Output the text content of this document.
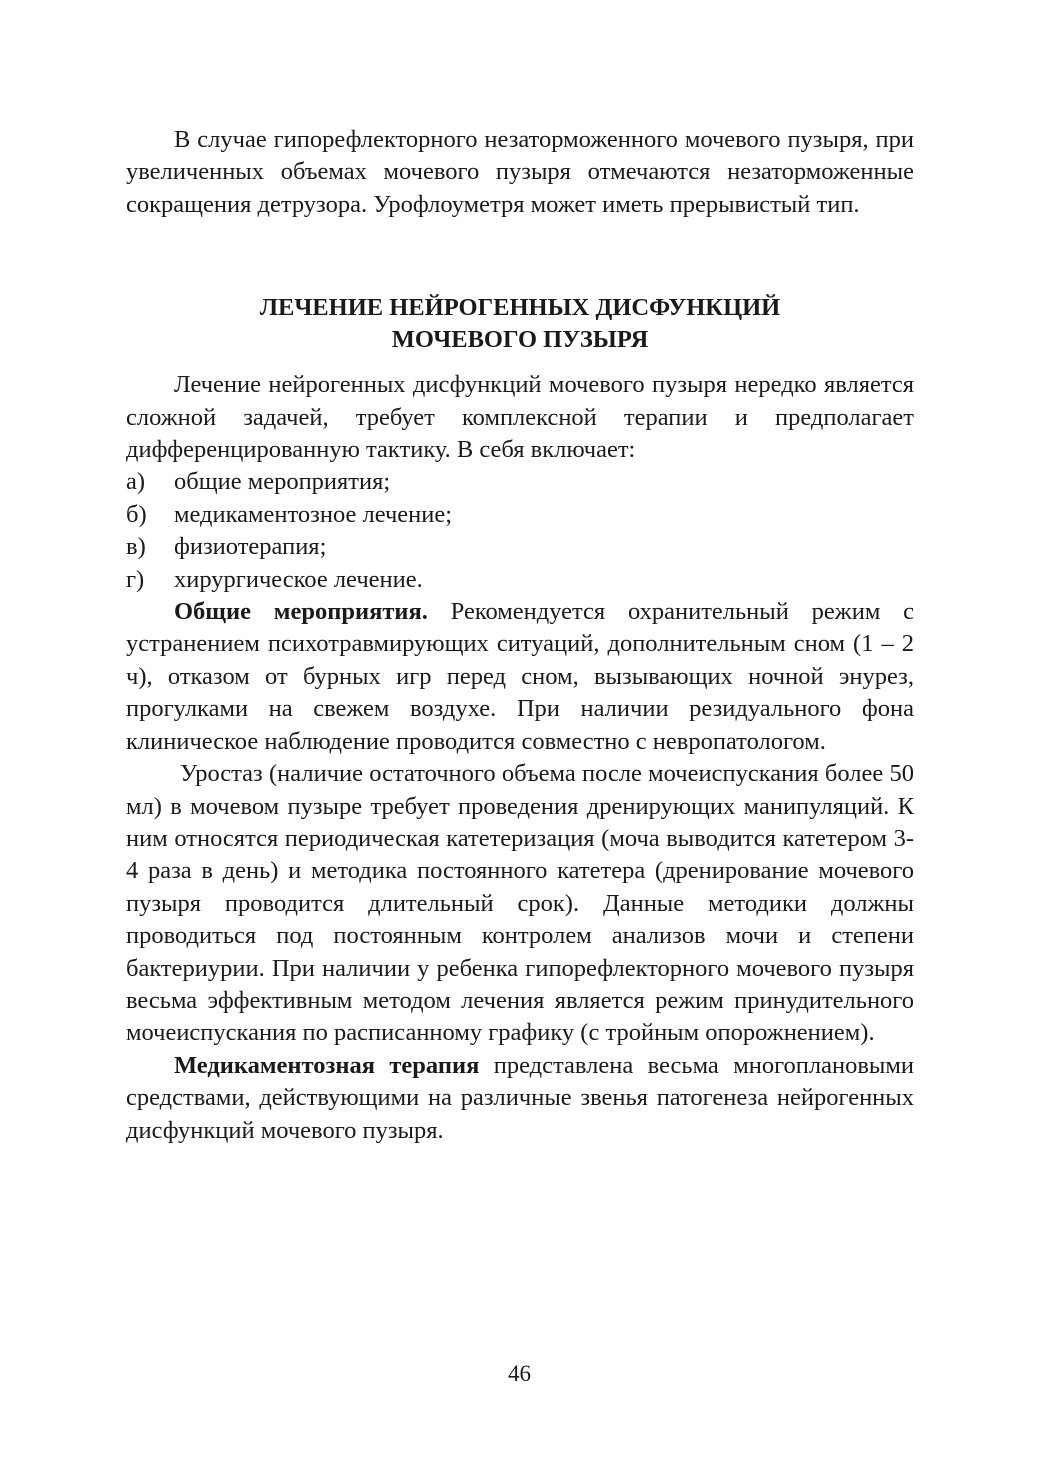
В случае гипорефлекторного незаторможенного мочевого пузыря, при увеличенных объемах мочевого пузыря отмечаются незаторможенные сокращения детрузора. Урофлоуметря может иметь прерывистый тип.

ЛЕЧЕНИЕ НЕЙРОГЕННЫХ ДИСФУНКЦИЙ
МОЧЕВОГО ПУЗЫРЯ

Лечение нейрогенных дисфункций мочевого пузыря нередко является сложной задачей, требует комплексной терапии и предполагает дифференцированную тактику. В себя включает:

а) общие мероприятия;
б) медикаментозное лечение;
в) физиотерапия;
г) хирургическое лечение.

Общие мероприятия. Рекомендуется охранительный режим с устранением психотравмирующих ситуаций, дополнительным сном (1 – 2 ч), отказом от бурных игр перед сном, вызывающих ночной энурез, прогулками на свежем воздухе. При наличии резидуального фона клиническое наблюдение проводится совместно с невропатологом.

Уростаз (наличие остаточного объема после мочеиспускания более 50 мл) в мочевом пузыре требует проведения дренирующих манипуляций. К ним относятся периодическая катетеризация (моча выводится катетером 3-4 раза в день) и методика постоянного катетера (дренирование мочевого пузыря проводится длительный срок). Данные методики должны проводиться под постоянным контролем анализов мочи и степени бактериурии. При наличии у ребенка гипорефлекторного мочевого пузыря весьма эффективным методом лечения является режим принудительного мочеиспускания по расписанному графику (с тройным опорожнением).

Медикаментозная терапия представлена весьма многоплановыми средствами, действующими на различные звенья патогенеза нейрогенных дисфункций мочевого пузыря.

46
